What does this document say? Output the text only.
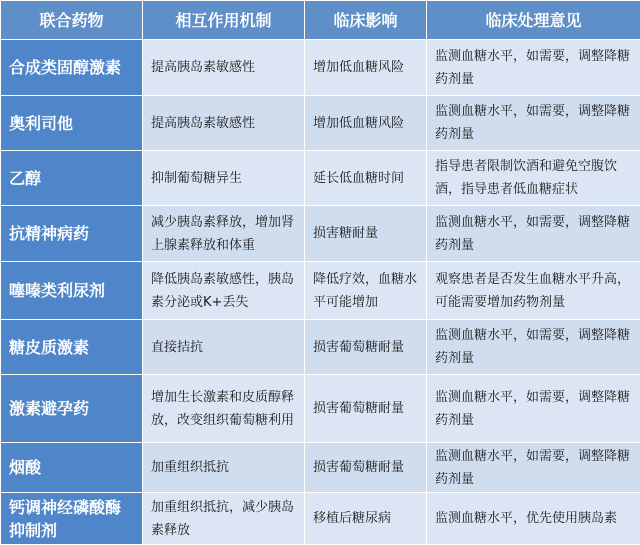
联合药物	相互作用机制	临床影响	临床处理意见
合成类固醇激素	提高胰岛素敏感性	增加低血糖风险	监测血糖水平，如需要，调整降糖药剂量
奥利司他	提高胰岛素敏感性	增加低血糖风险	监测血糖水平，如需要，调整降糖药剂量
乙醇	抑制葡萄糖异生	延长低血糖时间	指导患者限制饮酒和避免空腹饮酒，指导患者低血糖症状
抗精神病药	减少胰岛素释放，增加肾上腺素释放和体重	损害糖耐量	监测血糖水平，如需要，调整降糖药剂量
噻嗪类利尿剂	降低胰岛素敏感性，胰岛素分泌或K+丢失	降低疗效，血糖水平可能增加	观察患者是否发生血糖水平升高，可能需要增加药物剂量
糖皮质激素	直接拮抗	损害葡萄糖耐量	监测血糖水平，如需要，调整降糖药剂量
激素避孕药	增加生长激素和皮质醇释放，改变组织葡萄糖利用	损害葡萄糖耐量	监测血糖水平，如需要，调整降糖药剂量
烟酸	加重组织抵抗	损害葡萄糖耐量	监测血糖水平，如需要，调整降糖药剂量
钙调神经磷酸酶抑制剂	加重组织抵抗，减少胰岛素释放	移植后糖尿病	监测血糖水平，优先使用胰岛素
